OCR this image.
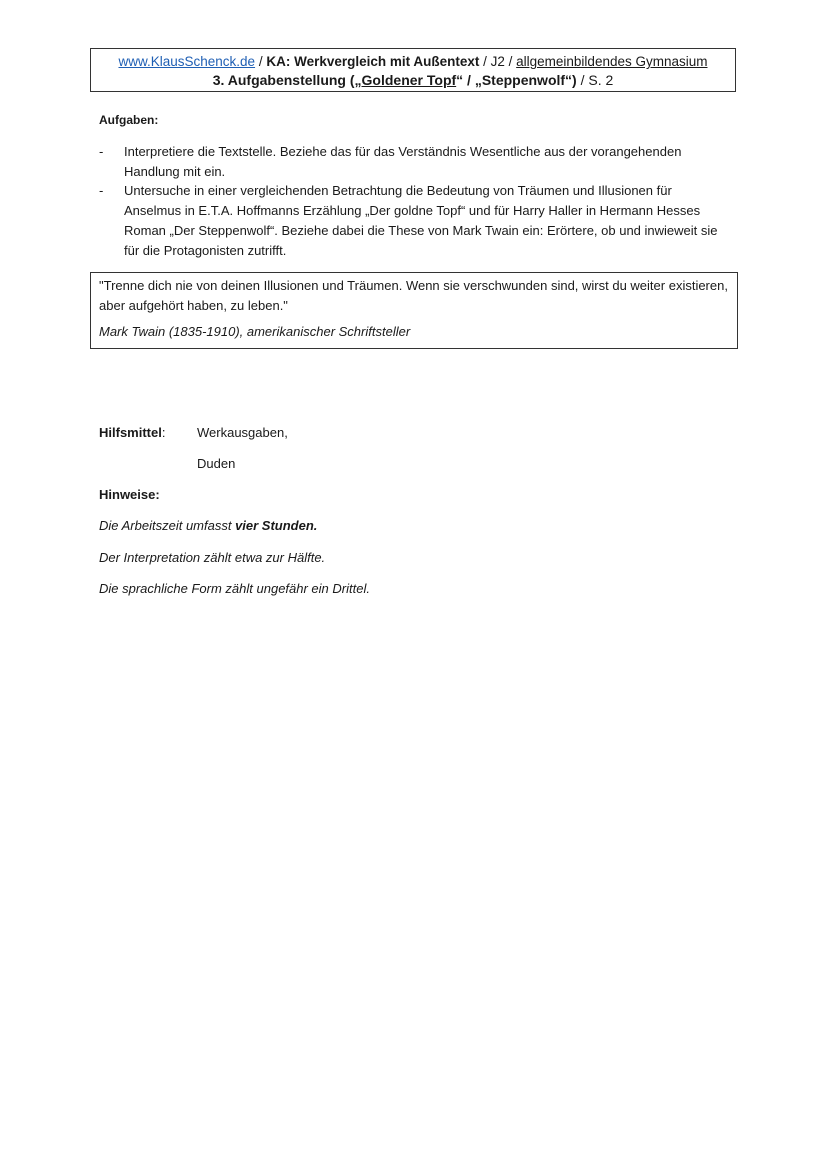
www.KlausSchenck.de / KA: Werkvergleich mit Außentext / J2 / allgemeinbildendes Gymnasium
3. Aufgabenstellung („Goldener Topf“ / „Steppenwolf“) / S. 2
Aufgaben:
- Interpretiere die Textstelle. Beziehe das für das Verständnis Wesentliche aus der vorangehenden Handlung mit ein.
- Untersuche in einer vergleichenden Betrachtung die Bedeutung von Träumen und Illusionen für Anselmus in E.T.A. Hoffmanns Erzählung „Der goldne Topf“ und für Harry Haller in Hermann Hesses Roman „Der Steppenwolf“. Beziehe dabei die These von Mark Twain ein: Erörtere, ob und inwieweit sie für die Protagonisten zutrifft.
"Trenne dich nie von deinen Illusionen und Träumen. Wenn sie verschwunden sind, wirst du weiter existieren, aber aufgehört haben, zu leben."
Mark Twain (1835-1910), amerikanischer Schriftsteller
Hilfsmittel: Werkausgaben,
Duden
Hinweise:
Die Arbeitszeit umfasst vier Stunden.
Der Interpretation zählt etwa zur Hälfte.
Die sprachliche Form zählt ungefähr ein Drittel.
